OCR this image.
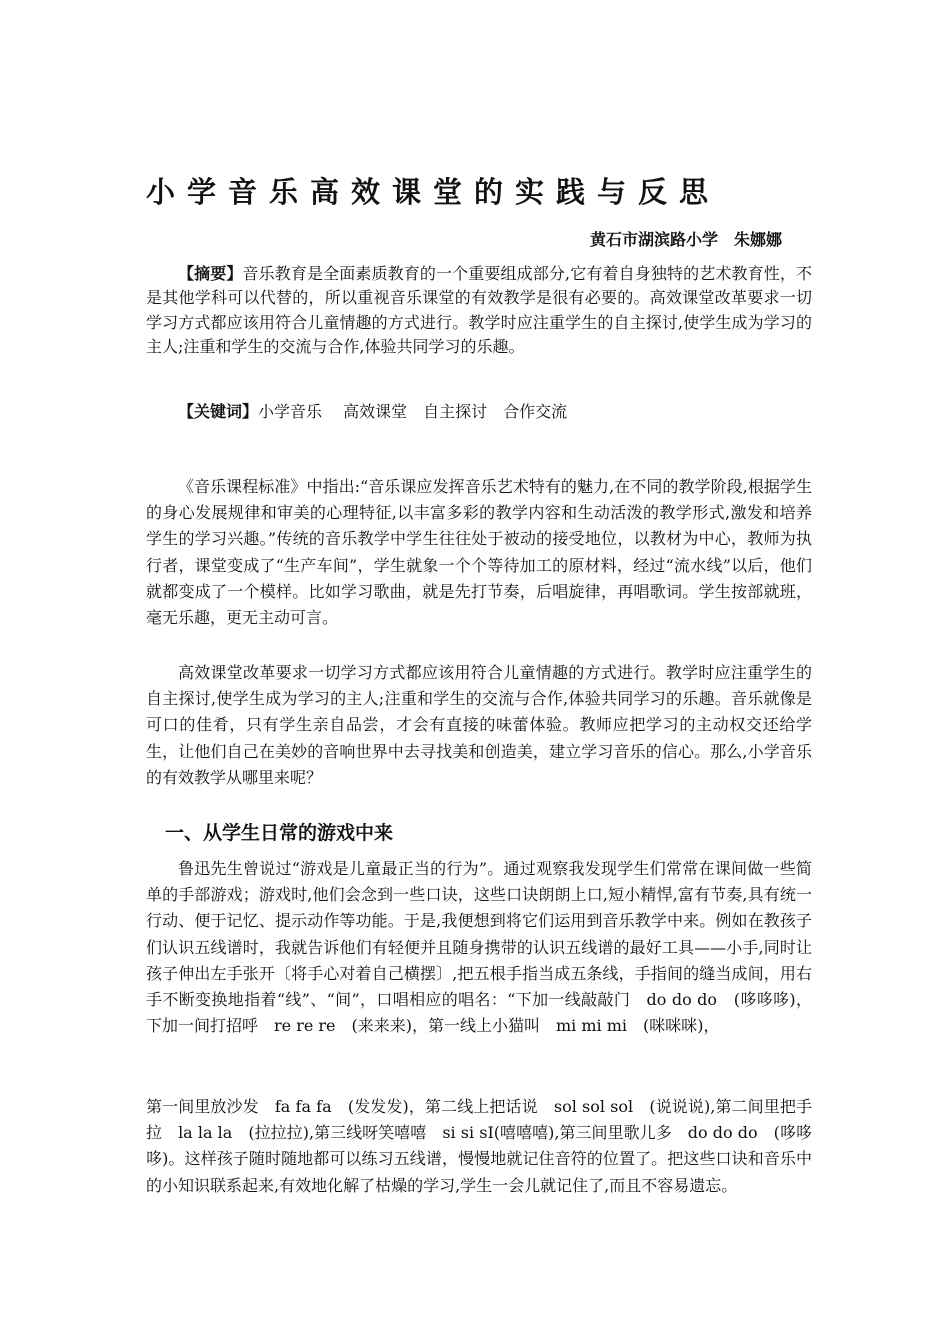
小学音乐高效课堂的实践与反思
黄石市湖滨路小学　朱娜娜

【摘要】音乐教育是全面素质教育的一个重要组成部分,它有着自身独特的艺术教育性，不是其他学科可以代替的，所以重视音乐课堂的有效教学是很有必要的。高效课堂改革要求一切学习方式都应该用符合儿童情趣的方式进行。教学时应注重学生的自主探讨,使学生成为学习的主人;注重和学生的交流与合作,体验共同学习的乐趣。

【关键词】小学音乐　 高效课堂　自主探讨　合作交流

《音乐课程标准》中指出:“音乐课应发挥音乐艺术特有的魅力,在不同的教学阶段,根据学生的身心发展规律和审美的心理特征,以丰富多彩的教学内容和生动活泼的教学形式,激发和培养学生的学习兴趣。”传统的音乐教学中学生往往处于被动的接受地位，以教材为中心，教师为执行者，课堂变成了“生产车间”，学生就象一个个等待加工的原材料，经过“流水线”以后，他们就都变成了一个模样。比如学习歌曲，就是先打节奏，后唱旋律，再唱歌词。学生按部就班，毫无乐趣，更无主动可言。

高效课堂改革要求一切学习方式都应该用符合儿童情趣的方式进行。教学时应注重学生的自主探讨,使学生成为学习的主人;注重和学生的交流与合作,体验共同学习的乐趣。音乐就像是可口的佳肴，只有学生亲自品尝，才会有直接的味蕾体验。教师应把学习的主动权交还给学生，让他们自己在美妙的音响世界中去寻找美和创造美，建立学习音乐的信心。那么,小学音乐的有效教学从哪里来呢？

一、从学生日常的游戏中来

鲁迅先生曾说过“游戏是儿童最正当的行为”。通过观察我发现学生们常常在课间做一些简单的手部游戏；游戏时,他们会念到一些口诀，这些口诀朗朗上口,短小精悍,富有节奏,具有统一行动、便于记忆、提示动作等功能。于是,我便想到将它们运用到音乐教学中来。例如在教孩子们认识五线谱时，我就告诉他们有轻便并且随身携带的认识五线谱的最好工具——小手,同时让孩子伸出左手张开〔将手心对着自己横摆〕,把五根手指当成五条线，手指间的缝当成间，用右手不断变换地指着“线”、“间”，口唱相应的唱名：“下加一线敲敲门　do do do　(哆哆哆)，下加一间打招呼　re re re　(来来来)，第一线上小猫叫　mi mi mi　(咪咪咪)，

第一间里放沙发　fa fa fa　(发发发)，第二线上把话说　sol sol sol　(说说说),第二间里把手拉　la la la　(拉拉拉),第三线呀笑嘻嘻　si si sI(嘻嘻嘻),第三间里歌儿多　do do do　(哆哆哆)。这样孩子随时随地都可以练习五线谱，慢慢地就记住音符的位置了。把这些口诀和音乐中的小知识联系起来,有效地化解了枯燥的学习,学生一会儿就记住了,而且不容易遗忘。
